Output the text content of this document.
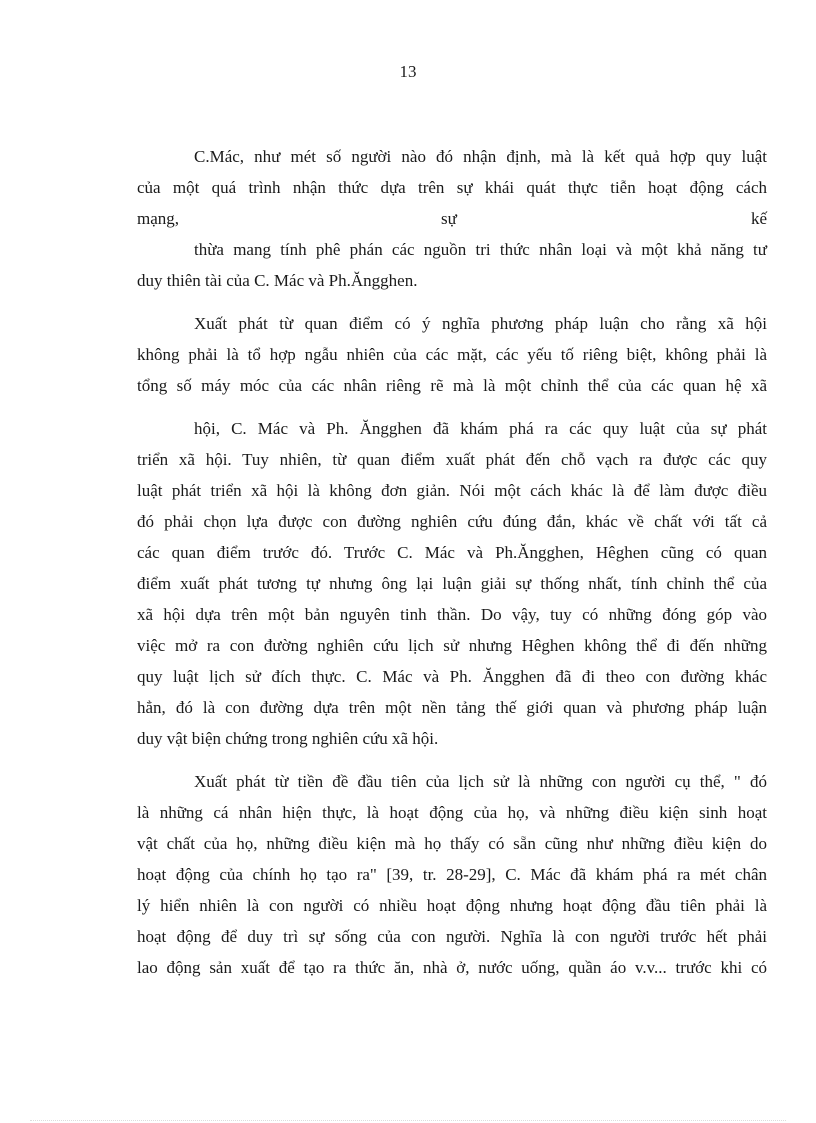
13
C.Mác, như mét số người nào đó nhận định, mà là kết quả hợp quy luật
của một quá trình nhận thức dựa trên sự khái quát thực tiễn hoạt động cách
mạng,	sự	kế
thừa mang tính phê phán các nguồn tri thức nhân loại và một khả năng tư
duy thiên tài của C. Mác và Ph.Ăngghen.
Xuất phát từ quan điểm có ý nghĩa phương pháp luận cho rằng xã hội
không phải là tổ hợp ngẫu nhiên của các mặt, các yếu tố riêng biệt, không phải là
tổng số máy móc của các nhân riêng rẽ mà là một chỉnh thể của các quan hệ xã
hội, C. Mác và Ph. Ăngghen đã khám phá ra các quy luật của sự phát
triển xã hội. Tuy nhiên, từ quan điểm xuất phát đến chỗ vạch ra được các quy
luật phát triển xã hội là không đơn giản. Nói một cách khác là để làm được điều
đó phải chọn lựa được con đường nghiên cứu đúng đắn, khác về chất với tất cả
các quan điểm trước đó. Trước C. Mác và Ph.Ăngghen, Hêghen cũng có quan
điểm xuất phát tương tự nhưng ông lại luận giải sự thống nhất, tính chỉnh thể của
xã hội dựa trên một bản nguyên tinh thần. Do vậy, tuy có những đóng góp vào
việc mở ra con đường nghiên cứu lịch sử nhưng Hêghen không thể đi đến những
quy luật lịch sử đích thực. C. Mác và Ph. Ăngghen đã đi theo con đường khác
hẳn, đó là con đường dựa trên một nền tảng thế giới quan và phương pháp luận
duy vật biện chứng trong nghiên cứu xã hội.
Xuất phát từ tiền đề đầu tiên của lịch sử là những con người cụ thể, " đó
là những cá nhân hiện thực, là hoạt động của họ, và những điều kiện sinh hoạt
vật chất của họ, những điều kiện mà họ thấy có sẵn cũng như những điều kiện do
hoạt động của chính họ tạo ra" [39, tr. 28-29], C. Mác đã khám phá ra mét chân
lý hiển nhiên là con người có nhiều hoạt động nhưng hoạt động đầu tiên phải là
hoạt động để duy trì sự sống của con người. Nghĩa là con người trước hết phải
lao động sản xuất để tạo ra thức ăn, nhà ở, nước uống, quần áo v.v... trước khi có
